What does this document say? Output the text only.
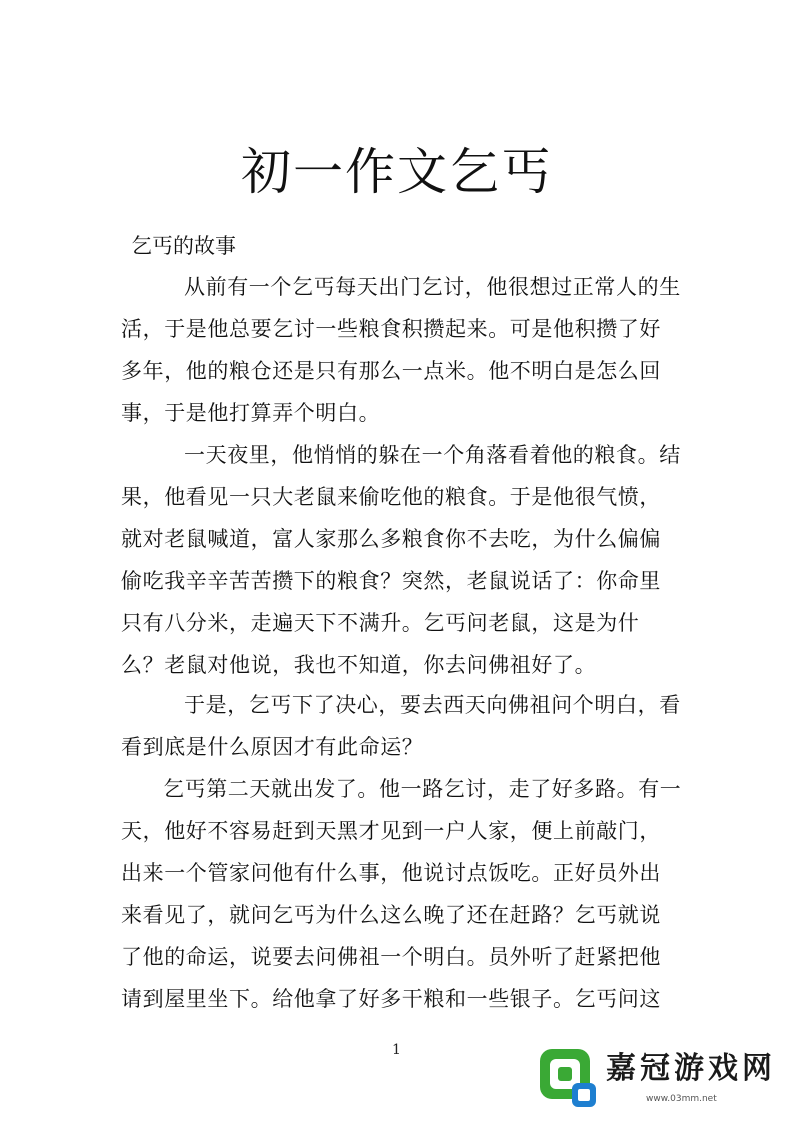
初一作文乞丐
乞丐的故事
从前有一个乞丐每天出门乞讨，他很想过正常人的生
活，于是他总要乞讨一些粮食积攒起来。可是他积攒了好
多年，他的粮仓还是只有那么一点米。他不明白是怎么回
事，于是他打算弄个明白。
一天夜里，他悄悄的躲在一个角落看着他的粮食。结
果，他看见一只大老鼠来偷吃他的粮食。于是他很气愤，
就对老鼠喊道，富人家那么多粮食你不去吃，为什么偏偏
偷吃我辛辛苦苦攒下的粮食？突然，老鼠说话了：你命里
只有八分米，走遍天下不满升。乞丐问老鼠，这是为什
么？老鼠对他说，我也不知道，你去问佛祖好了。
于是，乞丐下了决心，要去西天向佛祖问个明白，看
看到底是什么原因才有此命运？
乞丐第二天就出发了。他一路乞讨，走了好多路。有一
天，他好不容易赶到天黑才见到一户人家，便上前敲门，
出来一个管家问他有什么事，他说讨点饭吃。正好员外出
来看见了，就问乞丐为什么这么晚了还在赶路？乞丐就说
了他的命运，说要去问佛祖一个明白。员外听了赶紧把他
请到屋里坐下。给他拿了好多干粮和一些银子。乞丐问这
1
嘉冠游戏网
www.03mm.net
